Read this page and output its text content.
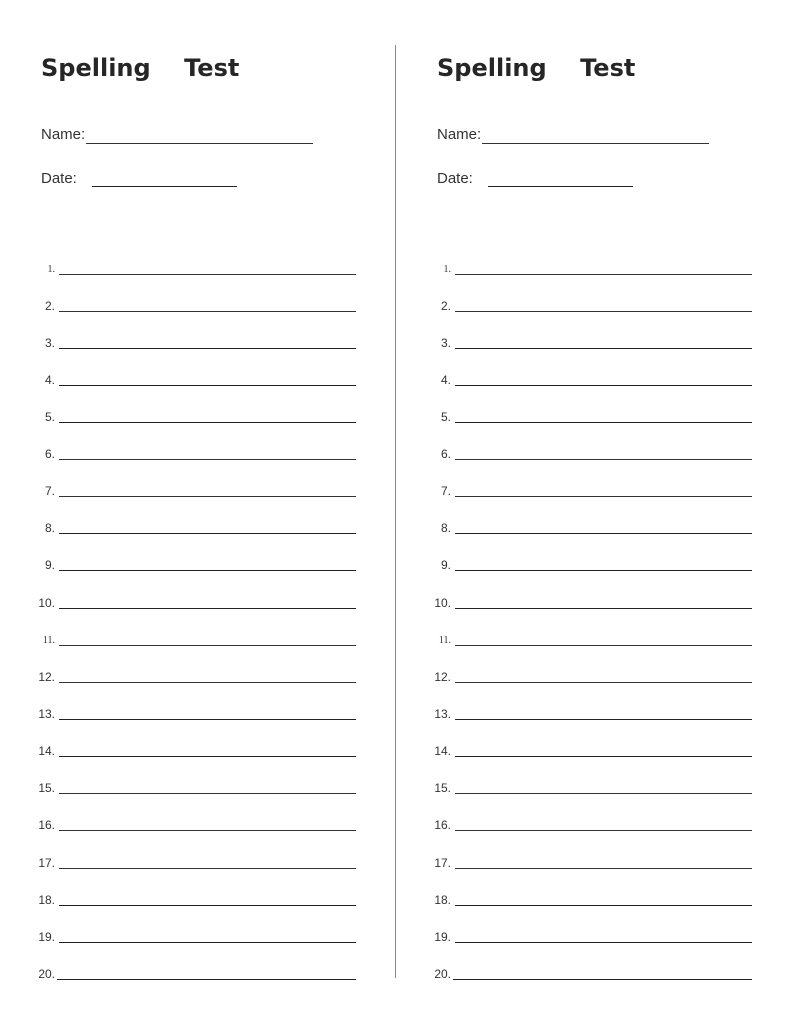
Spelling    Test
Name:
Date:
1.
2.
3.
4.
5.
6.
7.
8.
9.
10.
11.
12.
13.
14.
15.
16.
17.
18.
19.
20.
Spelling    Test
Name:
Date:
1.
2.
3.
4.
5.
6.
7.
8.
9.
10.
11.
12.
13.
14.
15.
16.
17.
18.
19.
20.
